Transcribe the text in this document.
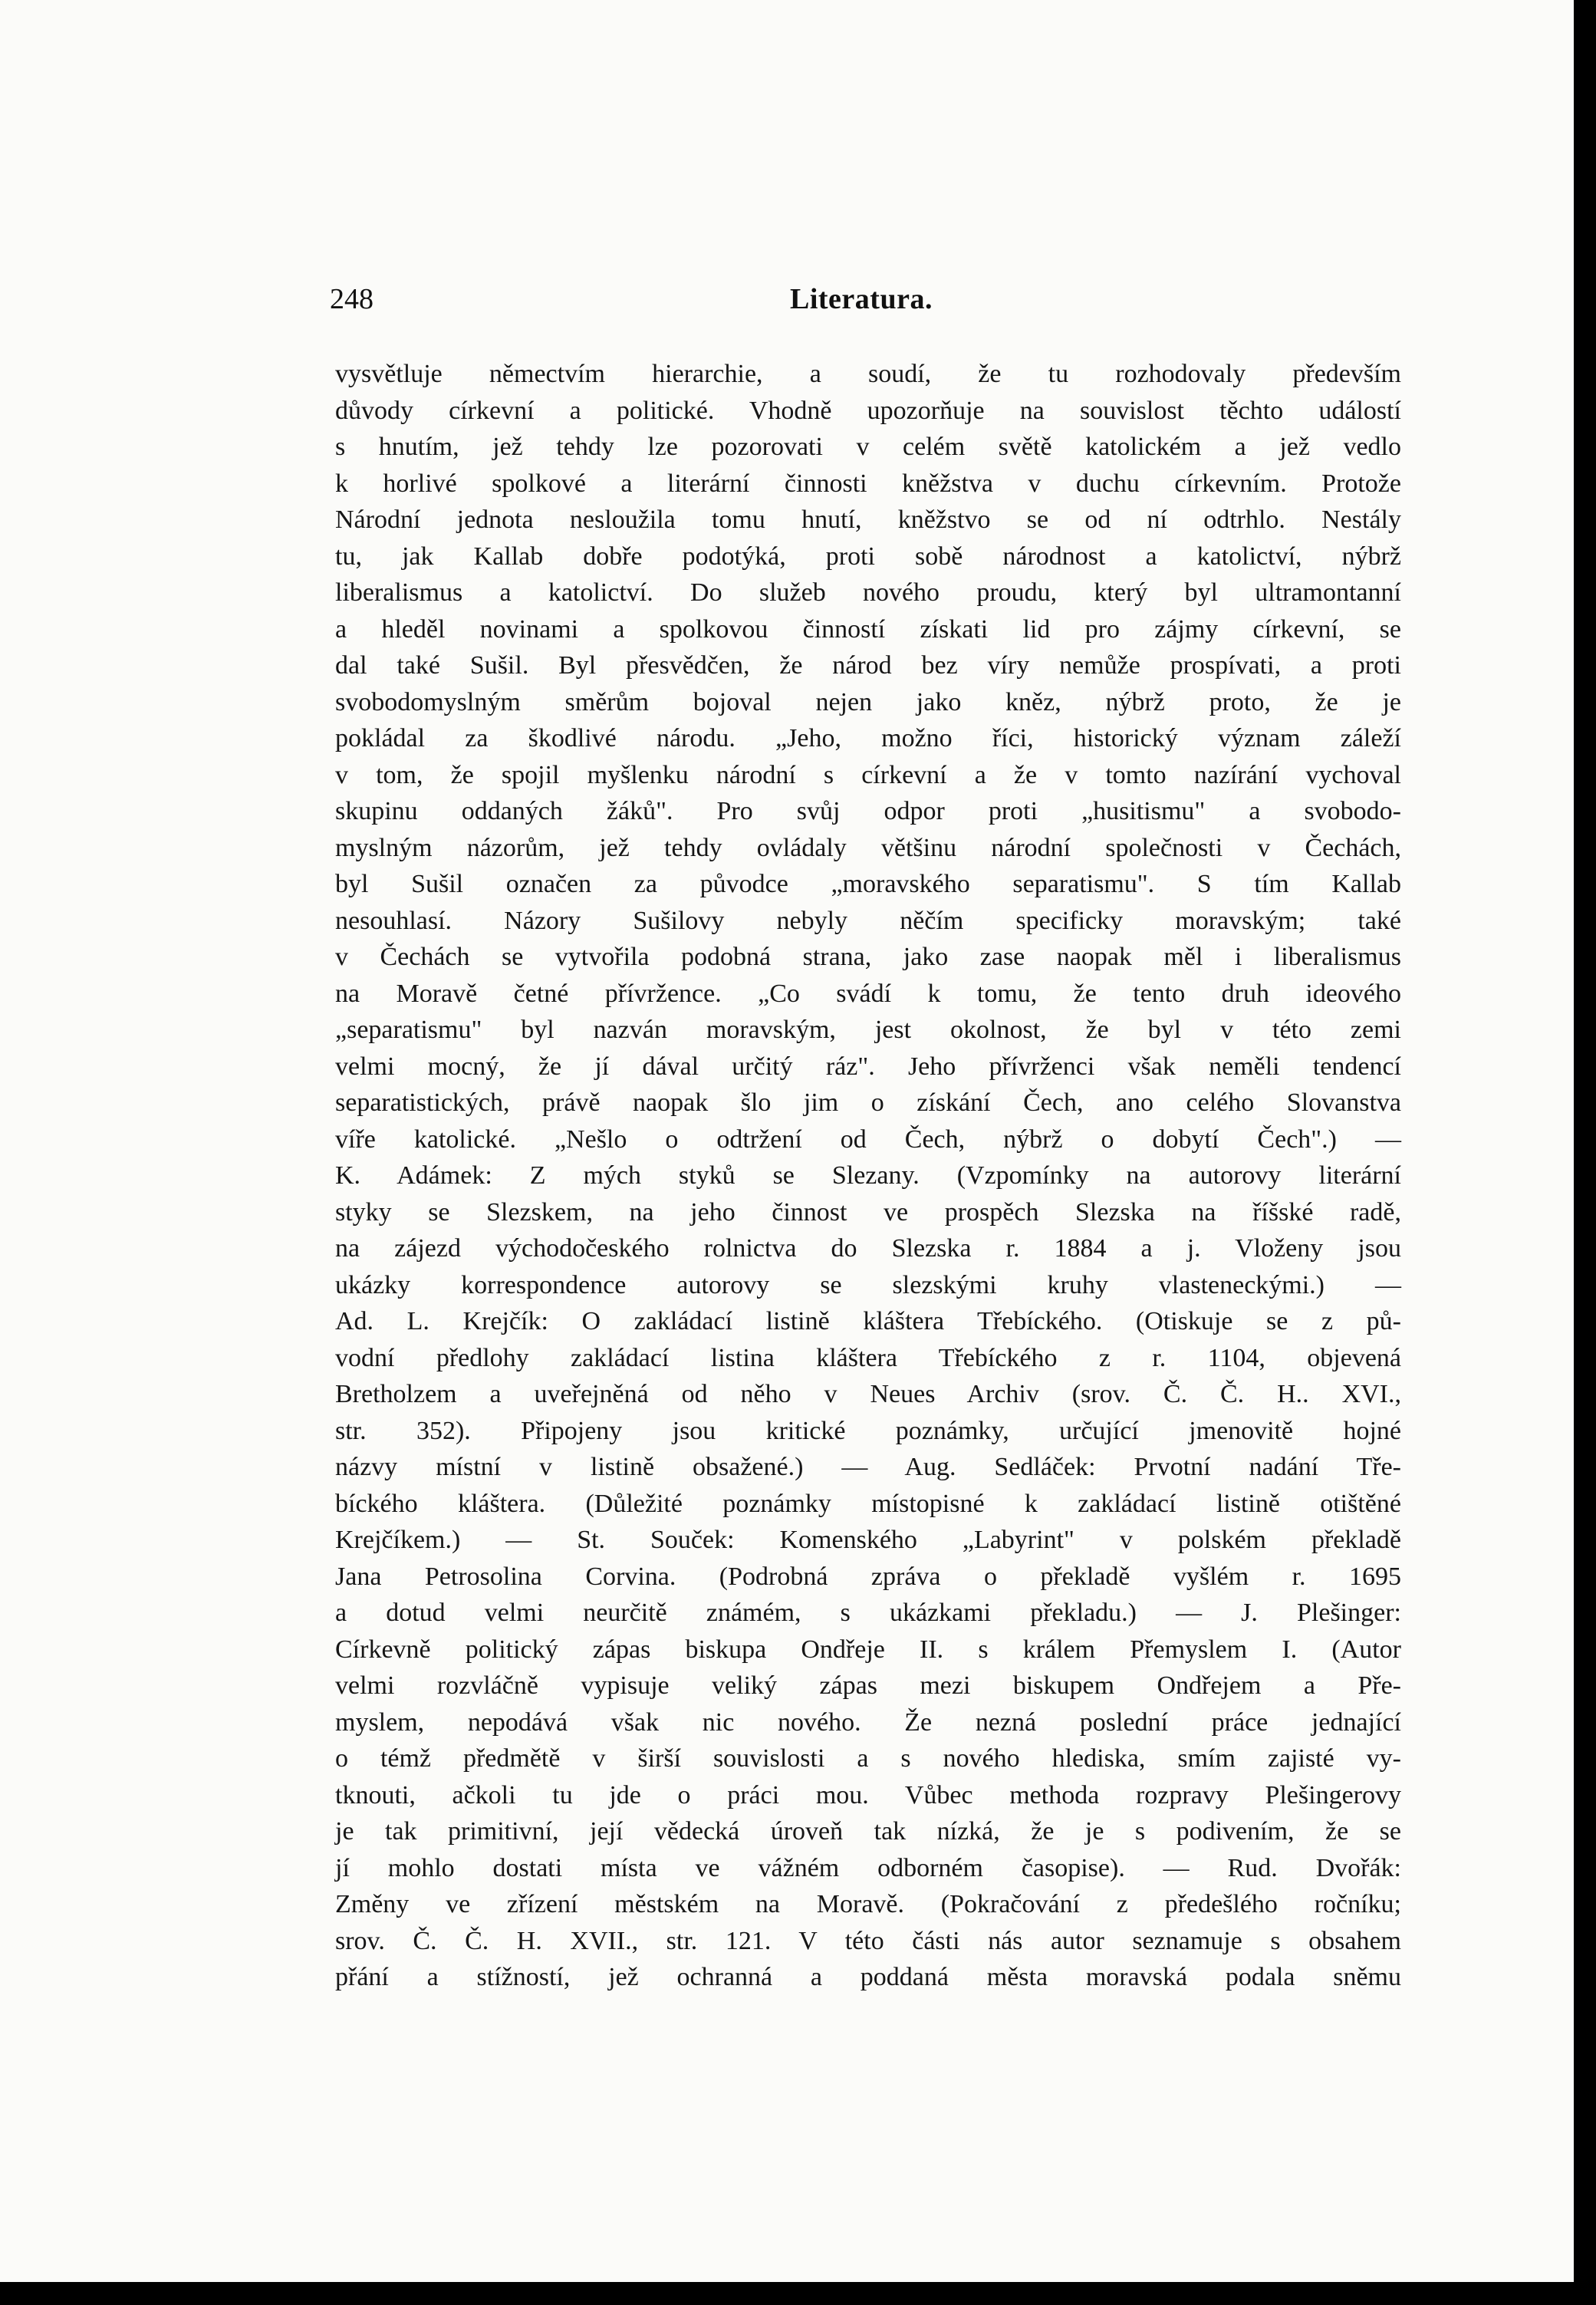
248	Literatura.
vysvětluje němectvím hierarchie, a soudí, že tu rozhodovaly především
důvody církevní a politické. Vhodně upozorňuje na souvislost těchto událostí
s hnutím, jež tehdy lze pozorovati v celém světě katolickém a jež vedlo
k horlivé spolkové a literární činnosti kněžstva v duchu církevním. Protože
Národní jednota nesloužila tomu hnutí, kněžstvo se od ní odtrhlo. Nestály
tu, jak Kallab dobře podotýká, proti sobě národnost a katolictví, nýbrž
liberalismus a katolictví. Do služeb nového proudu, který byl ultramontanní
a hleděl novinami a spolkovou činností získati lid pro zájmy církevní, se
dal také Sušil. Byl přesvědčen, že národ bez víry nemůže prospívati, a proti
svobodomyslným směrům bojoval nejen jako kněz, nýbrž proto, že je
pokládal za škodlivé národu. „Jeho, možno říci, historický význam záleží
v tom, že spojil myšlenku národní s církevní a že v tomto nazírání vychoval
skupinu oddaných žáků". Pro svůj odpor proti „husitismu" a svobodo-
myslným názorům, jež tehdy ovládaly většinu národní společnosti v Čechách,
byl Sušil označen za původce „moravského separatismu". S tím Kallab
nesouhlasí. Názory Sušilovy nebyly něčím specificky moravským; také
v Čechách se vytvořila podobná strana, jako zase naopak měl i liberalismus
na Moravě četné přívržence. „Co svádí k tomu, že tento druh ideového
„separatismu" byl nazván moravským, jest okolnost, že byl v této zemi
velmi mocný, že jí dával určitý ráz". Jeho přívrženci však neměli tendencí
separatistických, právě naopak šlo jim o získání Čech, ano celého Slovanstva
víře katolické. „Nešlo o odtržení od Čech, nýbrž o dobytí Čech".) —
K. Adámek: Z mých styků se Slezany. (Vzpomínky na autorovy literární
styky se Slezskem, na jeho činnost ve prospěch Slezska na říšské radě,
na zájezd východočeského rolnictva do Slezska r. 1884 a j. Vloženy jsou
ukázky korrespondence autorovy se slezskými kruhy vlasteneckými.) —
Ad. L. Krejčík: O zakládací listině kláštera Třebíckého. (Otiskuje se z pů-
vodní předlohy zakládací listina kláštera Třebíckého z r. 1104, objevená
Bretholzem a uveřejněná od něho v Neues Archiv (srov. Č. Č. H.. XVI.,
str. 352). Připojeny jsou kritické poznámky, určující jmenovitě hojné
názvy místní v listině obsažené.) — Aug. Sedláček: Prvotní nadání Tře-
bíckého kláštera. (Důležité poznámky místopisné k zakládací listině otištěné
Krejčíkem.) — St. Souček: Komenského „Labyrint" v polském překladě
Jana Petrosolina Corvina. (Podrobná zpráva o překladě vyšlém r. 1695
a dotud velmi neurčitě známém, s ukázkami překladu.) — J. Plešinger:
Církevně politický zápas biskupa Ondřeje II. s králem Přemyslem I. (Autor
velmi rozvláčně vypisuje veliký zápas mezi biskupem Ondřejem a Pře-
myslem, nepodává však nic nového. Že nezná poslední práce jednající
o témž předmětě v širší souvislosti a s nového hlediska, smím zajisté vy-
tknouti, ačkoli tu jde o práci mou. Vůbec methoda rozpravy Plešingerovy
je tak primitivní, její vědecká úroveň tak nízká, že je s podivením, že se
jí mohlo dostati místa ve vážném odborném časopise). — Rud. Dvořák:
Změny ve zřízení městském na Moravě. (Pokračování z předešlého ročníku;
srov. Č. Č. H. XVII., str. 121. V této části nás autor seznamuje s obsahem
přání a stížností, jež ochranná a poddaná města moravská podala sněmu
